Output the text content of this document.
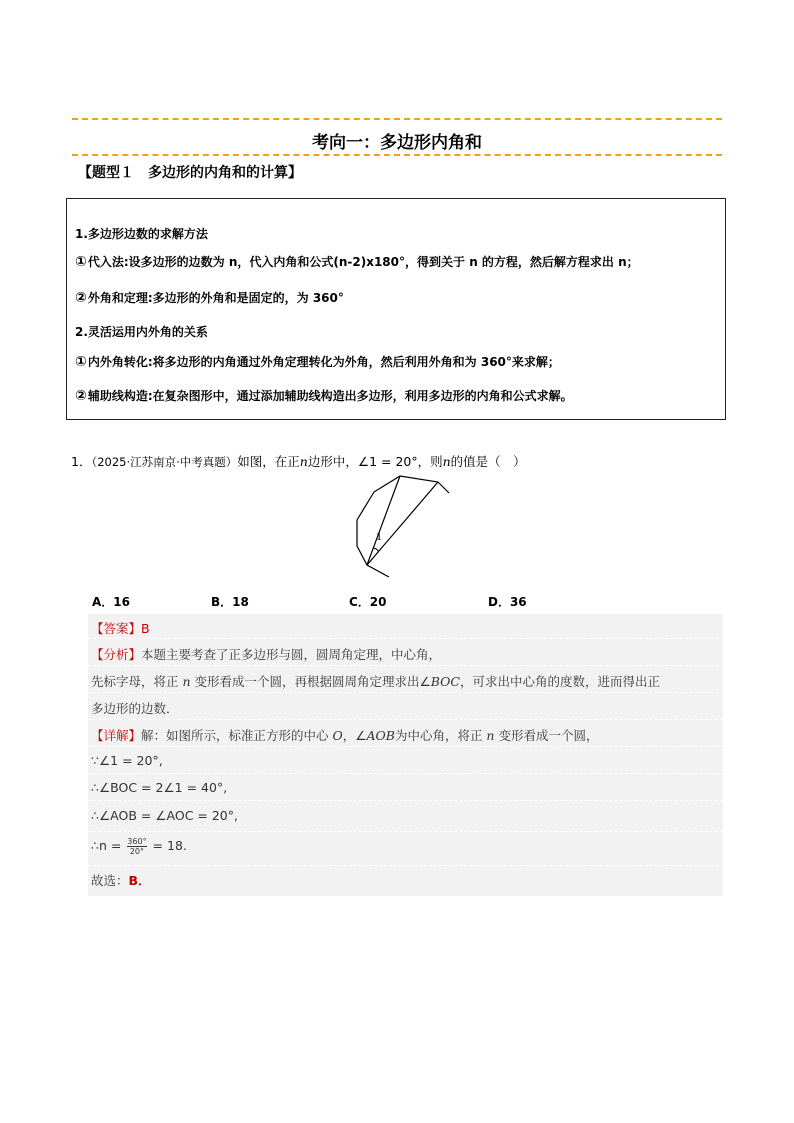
考向一：多边形内角和
【题型１　多边形的内角和的计算】
1.多边形边数的求解方法
①代入法:设多边形的边数为 n，代入内角和公式(n-2)x180°，得到关于 n 的方程，然后解方程求出 n；
②外角和定理:多边形的外角和是固定的，为 360°
2.灵活运用内外角的关系
①内外角转化:将多边形的内角通过外角定理转化为外角，然后利用外角和为 360°来求解；
②辅助线构造:在复杂图形中，通过添加辅助线构造出多边形，利用多边形的内角和公式求解。
1．（2025·江苏南京·中考真题）如图，在正n边形中，∠1 = 20°，则n的值是（　）
1
A．16	B．18	C．20	D．36
【答案】B
【分析】本题主要考查了正多边形与圆，圆周角定理，中心角，
先标字母，将正 n 变形看成一个圆，再根据圆周角定理求出∠BOC，可求出中心角的度数，进而得出正
多边形的边数．
【详解】解：如图所示，标准正方形的中心 O，∠AOB为中心角，将正 n 变形看成一个圆，
∵∠1 = 20°,
∴∠BOC = 2∠1 = 40°,
∴∠AOB = ∠AOC = 20°,
∴n = $\frac{360^\circ}{20^\circ} = 18$.
故选：B．
